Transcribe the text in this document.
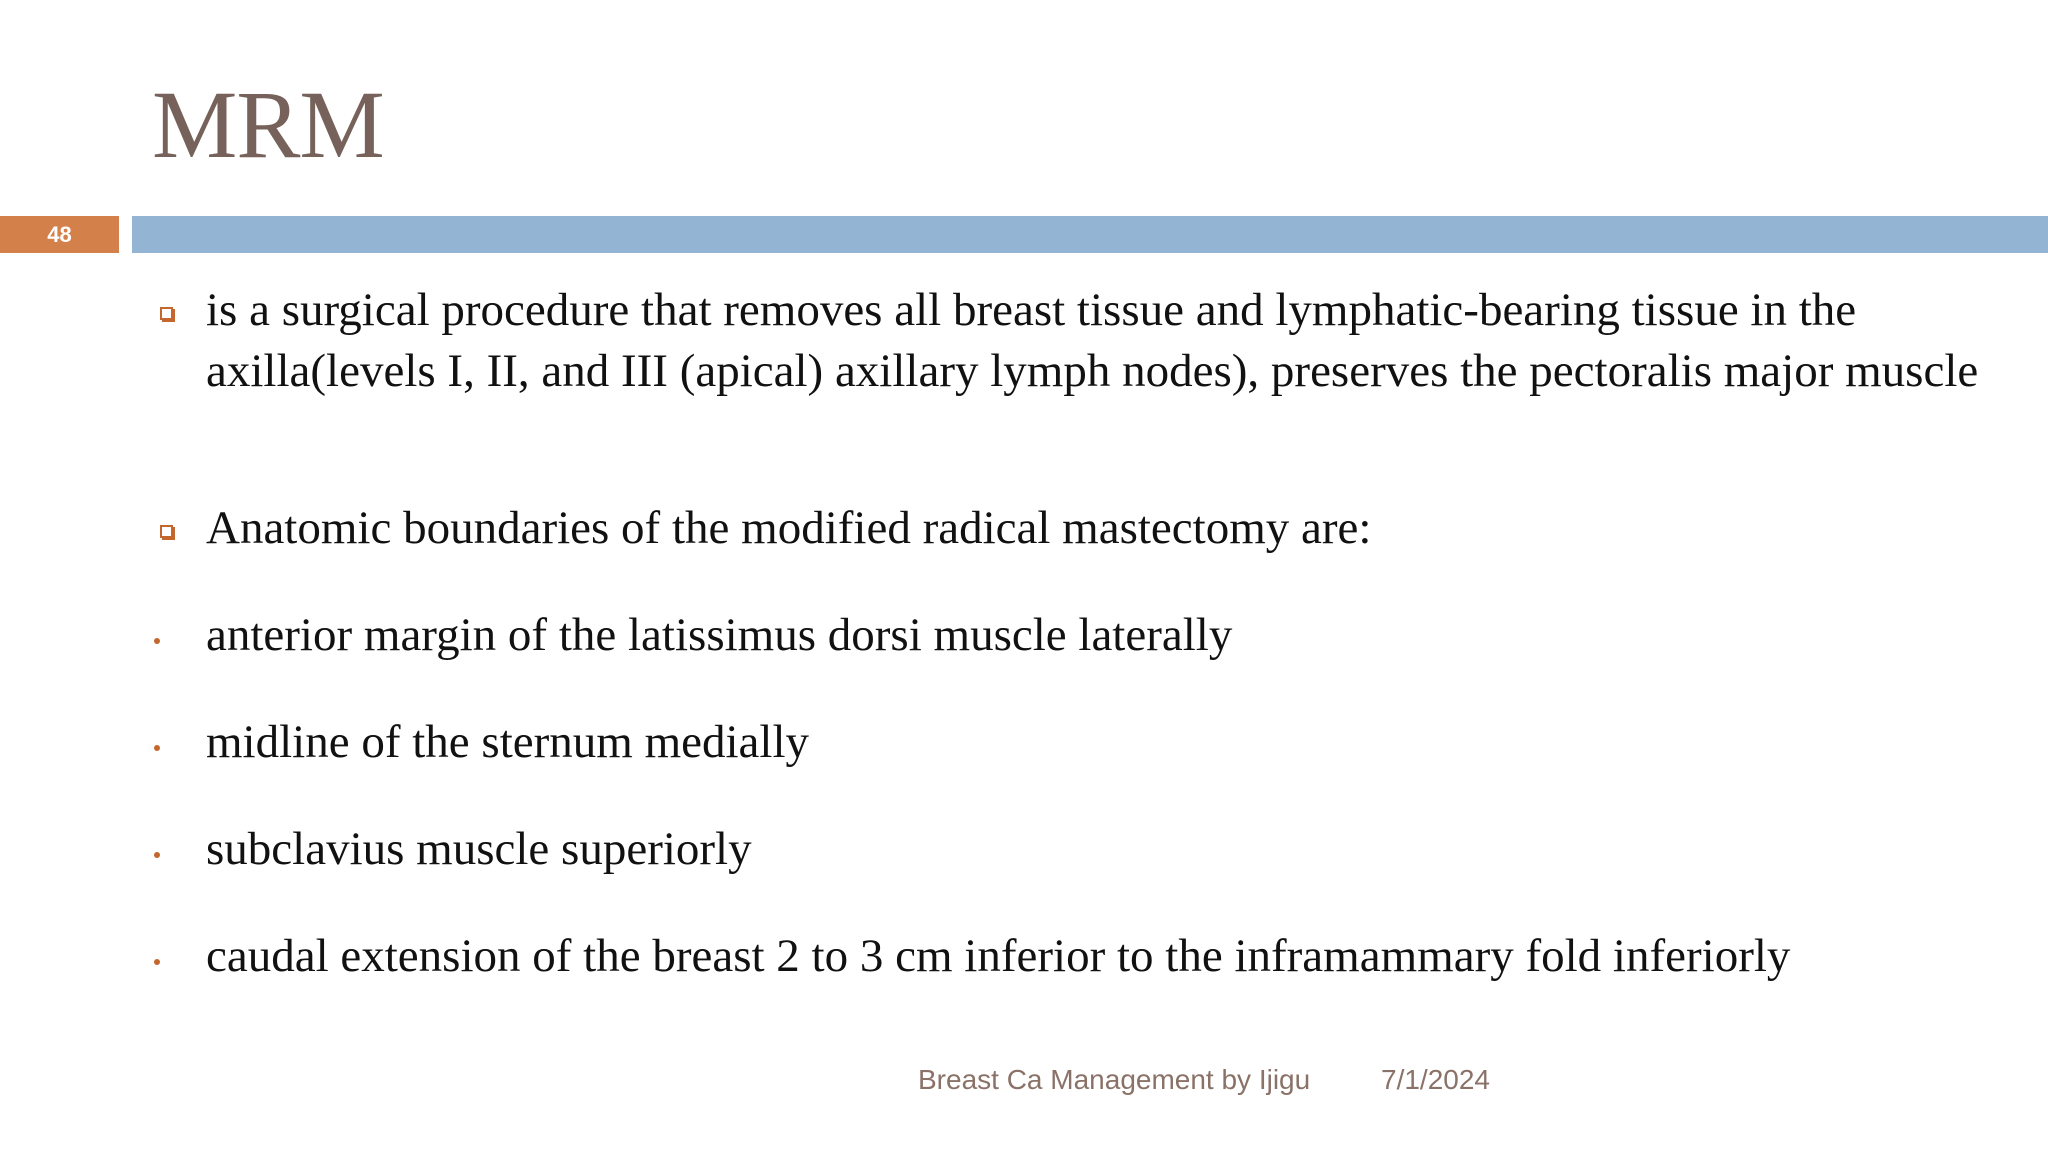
MRM
48
is a surgical procedure that removes all breast tissue and lymphatic-bearing tissue in the axilla(levels I, II, and III (apical) axillary lymph nodes), preserves the pectoralis major muscle
Anatomic boundaries of the modified radical mastectomy are:
anterior margin of the latissimus dorsi muscle laterally
midline of the sternum medially
subclavius muscle superiorly
caudal extension of the breast 2 to 3 cm inferior to the inframammary fold inferiorly
Breast Ca Management by Ijigu	7/1/2024
